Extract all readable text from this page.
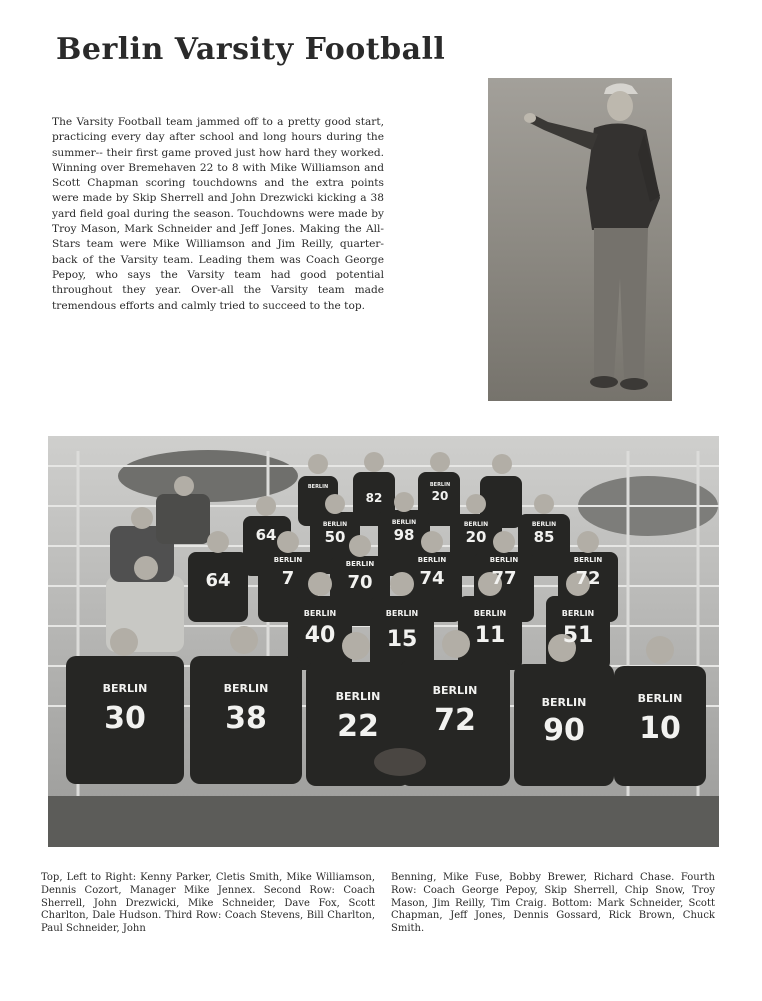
Berlin Varsity Football

The Varsity Football team jammed off to a pretty good start, practicing every day after school and long hours during the summer-- their first game proved just how hard they worked. Winning over Bremehaven 22 to 8 with Mike Williamson and Scott Chapman scoring touchdowns and the extra points were made by Skip Sherrell and John Drezwicki kicking a 38 yard field goal during the season. Touchdowns were made by Troy Mason, Mark Schneider and Jeff Jones. Making the All-Stars team were Mike Williamson and Jim Reilly, quarter-back of the Varsity team. Leading them was Coach George Pepoy, who says the Varsity team had good potential throughout they year. Over-all the Varsity team made tremendous efforts and calmly tried to succeed to the top.

BERLIN	BERLIN
BERLIN	BERLIN
BERLIN	BERLIN
BERLIN	BERLIN	BERLIN	BERLIN
BERLIN	BERLIN	BERLIN	BERLIN	BERLIN
BERLIN	BERLIN	BERLIN	BERLIN
BERLIN	BERLIN
30	38 22 72 90 10
40 15	11	51
64	7	70	74	77	72
64	50	98	20	85
82	20

Top, Left to Right: Kenny Parker, Cletis Smith, Mike Williamson, Dennis Cozort, Manager Mike Jennex. Second Row: Coach Sherrell, John Drezwicki, Mike Schneider, Dave Fox, Scott Charlton, Dale Hudson. Third Row: Coach Stevens, Bill Charlton, Paul Schneider, John

Benning, Mike Fuse, Bobby Brewer, Richard Chase. Fourth Row: Coach George Pepoy, Skip Sherrell, Chip Snow, Troy Mason, Jim Reilly, Tim Craig. Bottom: Mark Schneider, Scott Chapman, Jeff Jones, Dennis Gossard, Rick Brown, Chuck Smith.
